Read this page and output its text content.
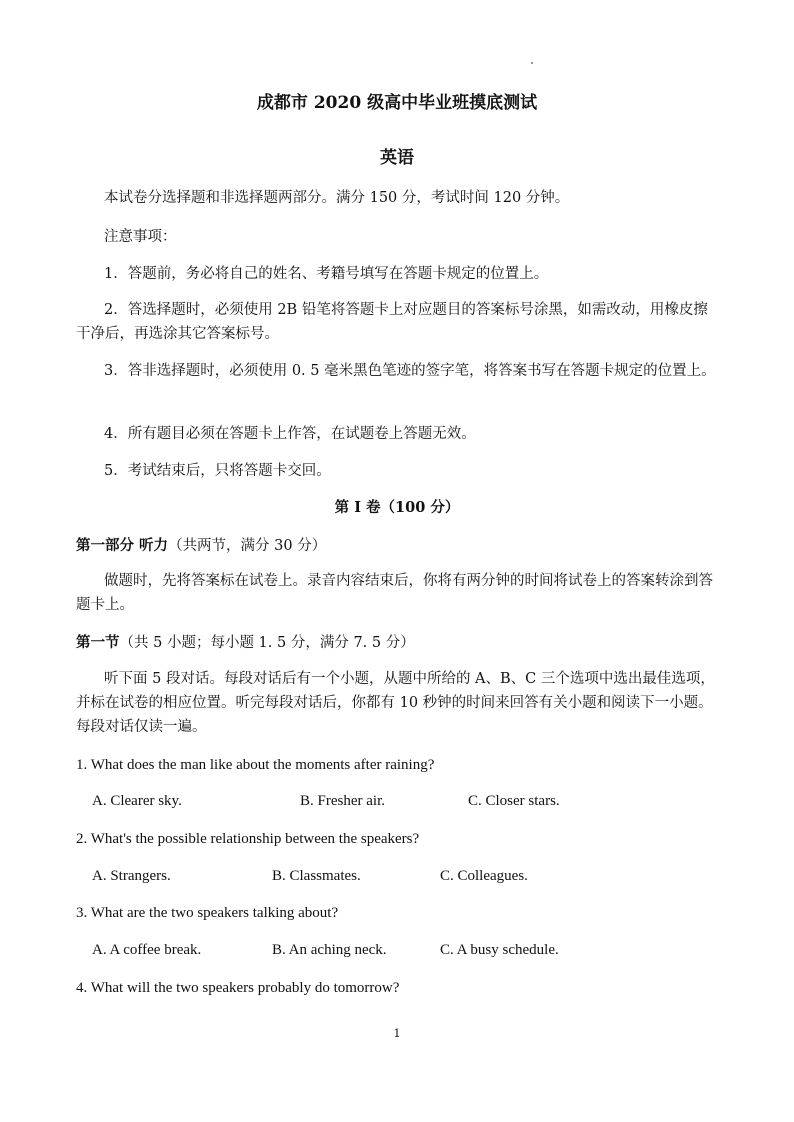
成都市 2020 级高中毕业班摸底测试
英语
本试卷分选择题和非选择题两部分。满分 150 分，考试时间 120 分钟。
注意事项：
1．答题前，务必将自己的姓名、考籍号填写在答题卡规定的位置上。
2．答选择题时，必须使用 2B 铅笔将答题卡上对应题目的答案标号涂黑，如需改动，用橡皮擦干净后，再选涂其它答案标号。
3．答非选择题时，必须使用 0. 5 毫米黑色笔迹的签字笔，将答案书写在答题卡规定的位置上。
4．所有题目必须在答题卡上作答，在试题卷上答题无效。
5．考试结束后，只将答题卡交回。
第 I 卷（100 分）
第一部分 听力（共两节，满分 30 分）
做题时，先将答案标在试卷上。录音内容结束后，你将有两分钟的时间将试卷上的答案转涂到答题卡上。
第一节（共 5 小题；每小题 1. 5 分，满分 7. 5 分）
听下面 5 段对话。每段对话后有一个小题，从题中所给的 A、B、C 三个选项中选出最佳选项，并标在试卷的相应位置。听完每段对话后，你都有 10 秒钟的时间来回答有关小题和阅读下一小题。每段对话仅读一遍。
1. What does the man like about the moments after raining?
A. Clearer sky.	B. Fresher air.	C. Closer stars.
2. What's the possible relationship between the speakers?
A. Strangers.	B. Classmates.	C. Colleagues.
3. What are the two speakers talking about?
A. A coffee break.	B. An aching neck.	C. A busy schedule.
4. What will the two speakers probably do tomorrow?
1
